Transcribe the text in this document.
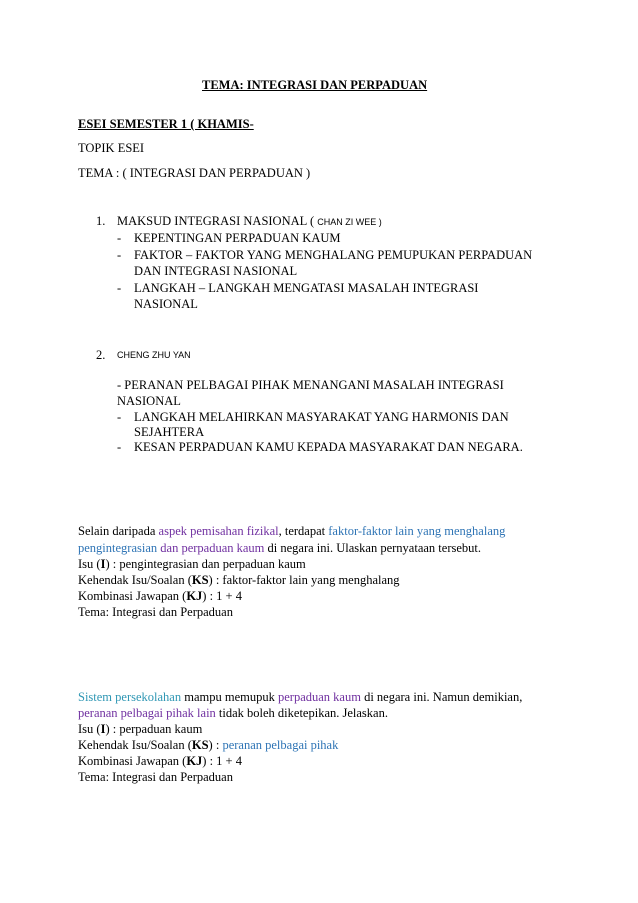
TEMA: INTEGRASI DAN PERPADUAN
ESEI SEMESTER 1 ( KHAMIS-
TOPIK ESEI
TEMA : ( INTEGRASI DAN PERPADUAN )
1. MAKSUD INTEGRASI NASIONAL ( CHAN ZI WEE )
- KEPENTINGAN PERPADUAN KAUM
- FAKTOR – FAKTOR YANG MENGHALANG PEMUPUKAN PERPADUAN
DAN INTEGRASI NASIONAL
- LANGKAH – LANGKAH MENGATASI MASALAH INTEGRASI
NASIONAL
2. CHENG ZHU YAN
- PERANAN PELBAGAI PIHAK MENANGANI MASALAH INTEGRASI
NASIONAL
- LANGKAH MELAHIRKAN MASYARAKAT YANG HARMONIS DAN
SEJAHTERA
- KESAN PERPADUAN KAMU KEPADA MASYARAKAT DAN NEGARA.
Selain daripada aspek pemisahan fizikal, terdapat faktor-faktor lain yang menghalang
pengintegrasian dan perpaduan kaum di negara ini. Ulaskan pernyataan tersebut.
Isu (I) : pengintegrasian dan perpaduan kaum
Kehendak Isu/Soalan (KS) : faktor-faktor lain yang menghalang
Kombinasi Jawapan (KJ) : 1 + 4
Tema: Integrasi dan Perpaduan
Sistem persekolahan mampu memupuk perpaduan kaum di negara ini. Namun demikian,
peranan pelbagai pihak lain tidak boleh diketepikan. Jelaskan.
Isu (I) : perpaduan kaum
Kehendak Isu/Soalan (KS) : peranan pelbagai pihak
Kombinasi Jawapan (KJ) : 1 + 4
Tema: Integrasi dan Perpaduan
